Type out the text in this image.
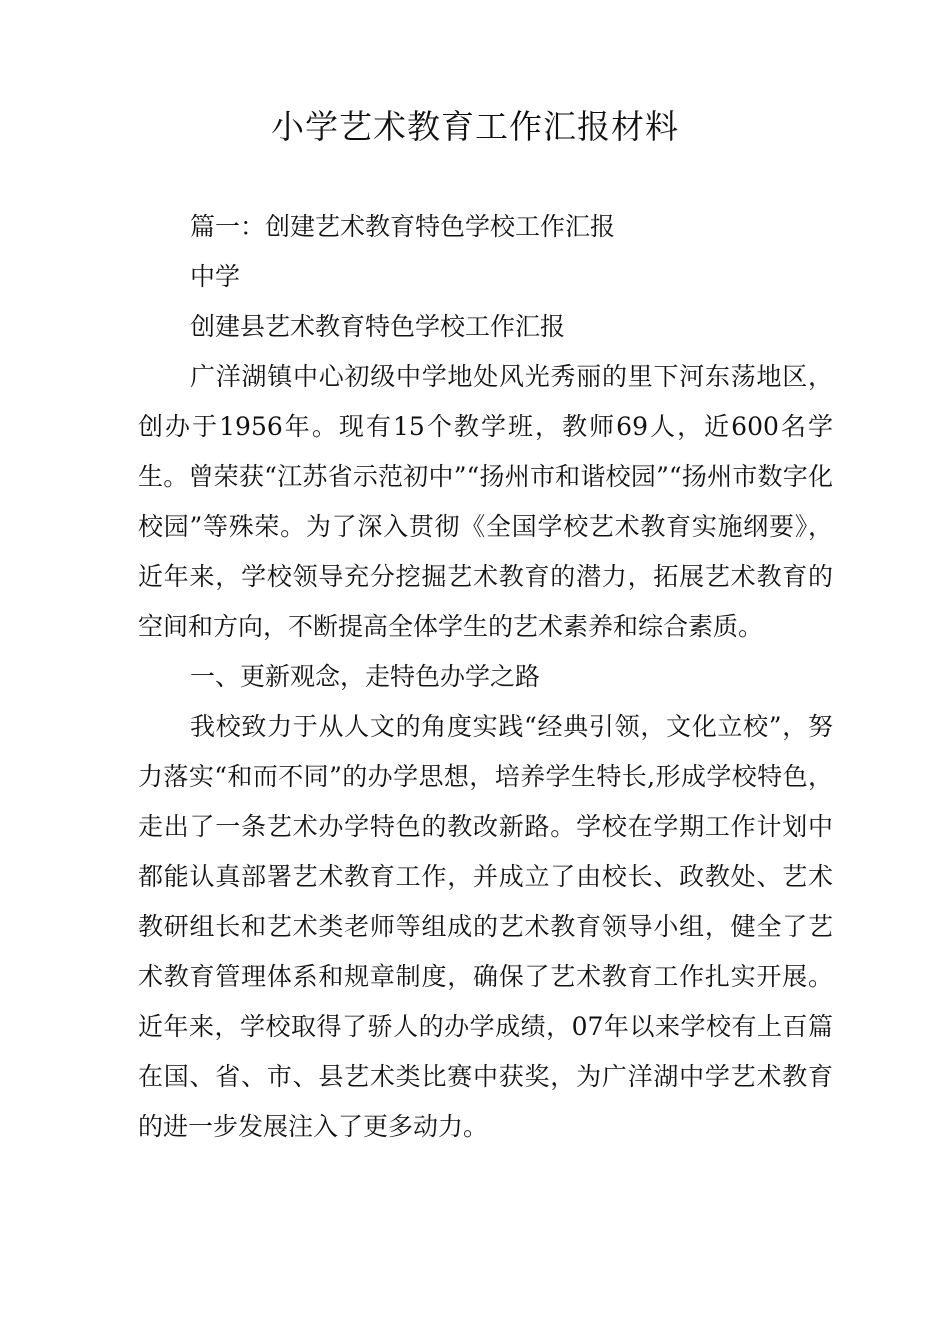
小学艺术教育工作汇报材料

篇一：创建艺术教育特色学校工作汇报

中学

创建县艺术教育特色学校工作汇报

广洋湖镇中心初级中学地处风光秀丽的里下河东荡地区，创办于1956年。现有15个教学班，教师69人，近600名学生。曾荣获“江苏省示范初中”“扬州市和谐校园”“扬州市数字化校园”等殊荣。为了深入贯彻《全国学校艺术教育实施纲要》，近年来，学校领导充分挖掘艺术教育的潜力，拓展艺术教育的空间和方向，不断提高全体学生的艺术素养和综合素质。

一、更新观念，走特色办学之路

我校致力于从人文的角度实践“经典引领，文化立校”，努力落实“和而不同”的办学思想，培养学生特长,形成学校特色，走出了一条艺术办学特色的教改新路。学校在学期工作计划中都能认真部署艺术教育工作，并成立了由校长、政教处、艺术教研组长和艺术类老师等组成的艺术教育领导小组，健全了艺术教育管理体系和规章制度，确保了艺术教育工作扎实开展。近年来，学校取得了骄人的办学成绩，07年以来学校有上百篇在国、省、市、县艺术类比赛中获奖，为广洋湖中学艺术教育的进一步发展注入了更多动力。
